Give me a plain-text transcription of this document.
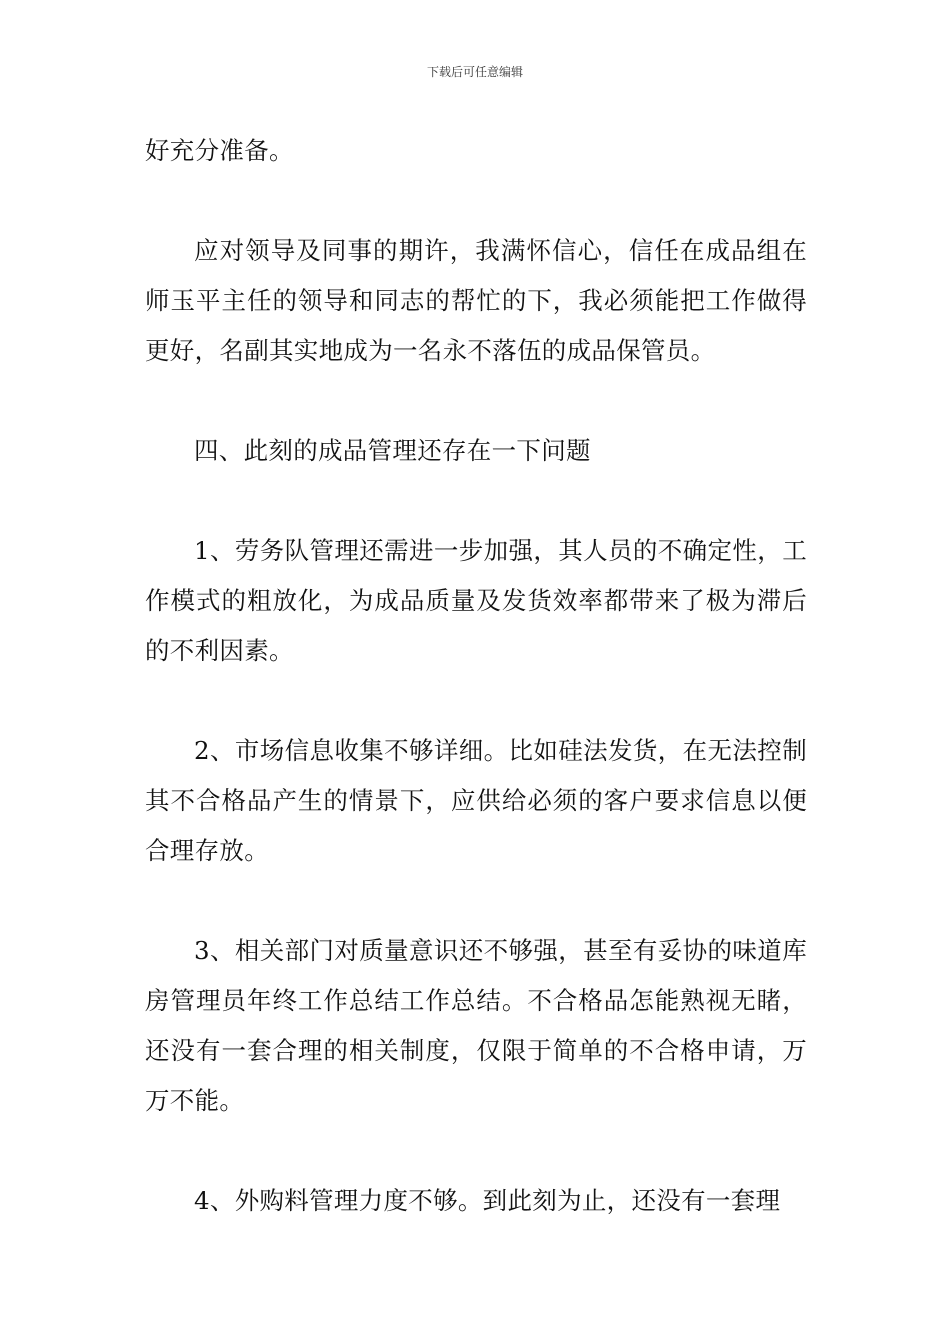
下载后可任意编辑

好充分准备。

应对领导及同事的期许，我满怀信心，信任在成品组在师玉平主任的领导和同志的帮忙的下，我必须能把工作做得更好，名副其实地成为一名永不落伍的成品保管员。

四、此刻的成品管理还存在一下问题

1、劳务队管理还需进一步加强，其人员的不确定性，工作模式的粗放化，为成品质量及发货效率都带来了极为滞后的不利因素。

2、市场信息收集不够详细。比如硅法发货，在无法控制其不合格品产生的情景下，应供给必须的客户要求信息以便合理存放。

3、相关部门对质量意识还不够强，甚至有妥协的味道库房管理员年终工作总结工作总结。不合格品怎能熟视无睹，还没有一套合理的相关制度，仅限于简单的不合格申请，万万不能。

4、外购料管理力度不够。到此刻为止，还没有一套理
